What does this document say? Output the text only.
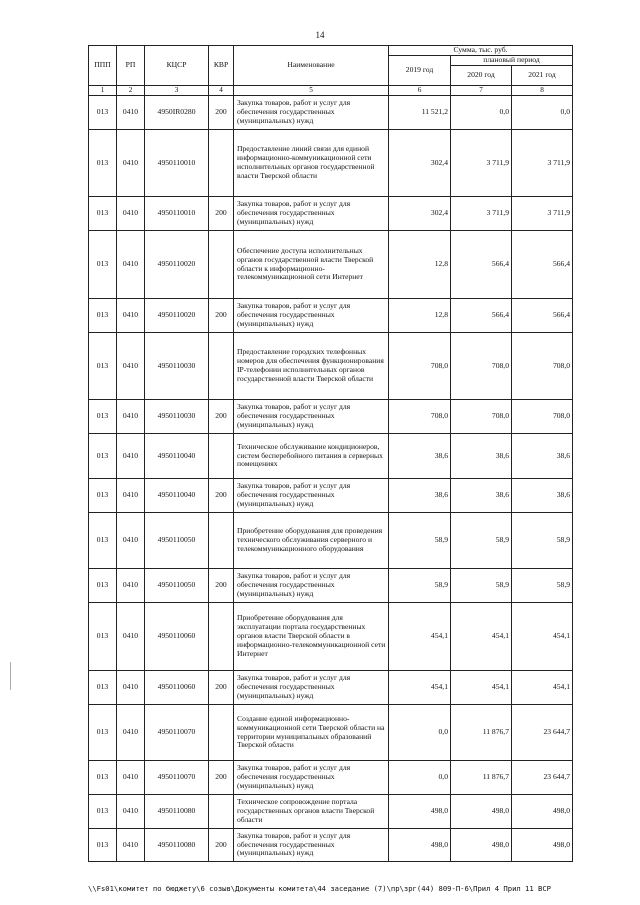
14
ППП	РП	КЦСР	КВР	Наименование	Сумма, тыс. руб.		
					2019 год	плановый период	
						2020 год	2021 год
1	2	3	4	5	6	7	8
013	0410	4950IR0280	200	Закупка товаров, работ и услуг для обеспечения государственных (муниципальных) нужд	11 521,2	0,0	0,0
013	0410	4950110010		Предоставление линий связи для единой информационно-коммуникационной сети исполнительных органов государственной власти Тверской области	302,4	3 711,9	3 711,9
013	0410	4950110010	200	Закупка товаров, работ и услуг для обеспечения государственных (муниципальных) нужд	302,4	3 711,9	3 711,9
013	0410	4950110020		Обеспечение доступа исполнительных органов государственной власти Тверской области к информационно-телекоммуникационной сети Интернет	12,8	566,4	566,4
013	0410	4950110020	200	Закупка товаров, работ и услуг для обеспечения государственных (муниципальных) нужд	12,8	566,4	566,4
013	0410	4950110030		Предоставление городских телефонных номеров для обеспечения функционирования IP-телефонии исполнительных органов государственной власти Тверской области	708,0	708,0	708,0
013	0410	4950110030	200	Закупка товаров, работ и услуг для обеспечения государственных (муниципальных) нужд	708,0	708,0	708,0
013	0410	4950110040		Техническое обслуживание кондиционеров, систем бесперебойного питания в серверных помещениях	38,6	38,6	38,6
013	0410	4950110040	200	Закупка товаров, работ и услуг для обеспечения государственных (муниципальных) нужд	38,6	38,6	38,6
013	0410	4950110050		Приобретение оборудования для проведения технического обслуживания серверного и телекоммуникационного оборудования	58,9	58,9	58,9
013	0410	4950110050	200	Закупка товаров, работ и услуг для обеспечения государственных (муниципальных) нужд	58,9	58,9	58,9
013	0410	4950110060		Приобретение оборудования для эксплуатации портала государственных органов власти Тверской области в информационно-телекоммуникационной сети Интернет	454,1	454,1	454,1
013	0410	4950110060	200	Закупка товаров, работ и услуг для обеспечения государственных (муниципальных) нужд	454,1	454,1	454,1
013	0410	4950110070		Создание единой информационно-коммуникационной сети Тверской области на территории муниципальных образований Тверской области	0,0	11 876,7	23 644,7
013	0410	4950110070	200	Закупка товаров, работ и услуг для обеспечения государственных (муниципальных) нужд	0,0	11 876,7	23 644,7
013	0410	4950110080		Техническое сопровождение портала государственных органов власти Тверской области	498,0	498,0	498,0
013	0410	4950110080	200	Закупка товаров, работ и услуг для обеспечения государственных (муниципальных) нужд	498,0	498,0	498,0
\\Fs01\комитет по бюджету\6 созыв\Документы комитета\44 заседание (7)\пр\зрг(44) 809-П-6\Прил 4 Прил 11 ВСР
